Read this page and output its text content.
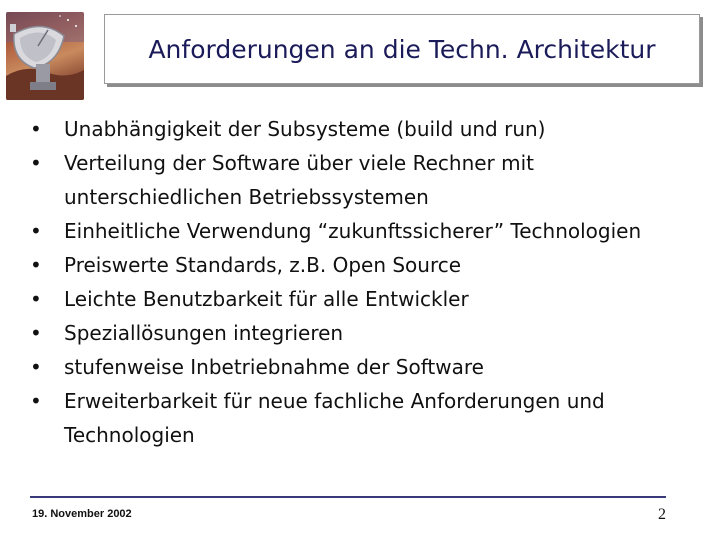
Anforderungen an die Techn. Architektur
• Unabhängigkeit der Subsysteme (build und run)
• Verteilung der Software über viele Rechner mit unterschiedlichen Betriebssystemen
• Einheitliche Verwendung “zukunftssicherer” Technologien
• Preiswerte Standards, z.B. Open Source
• Leichte Benutzbarkeit für alle Entwickler
• Speziallösungen integrieren
• stufenweise Inbetriebnahme der Software
• Erweiterbarkeit für neue fachliche Anforderungen und Technologien
19. November 2002	2
